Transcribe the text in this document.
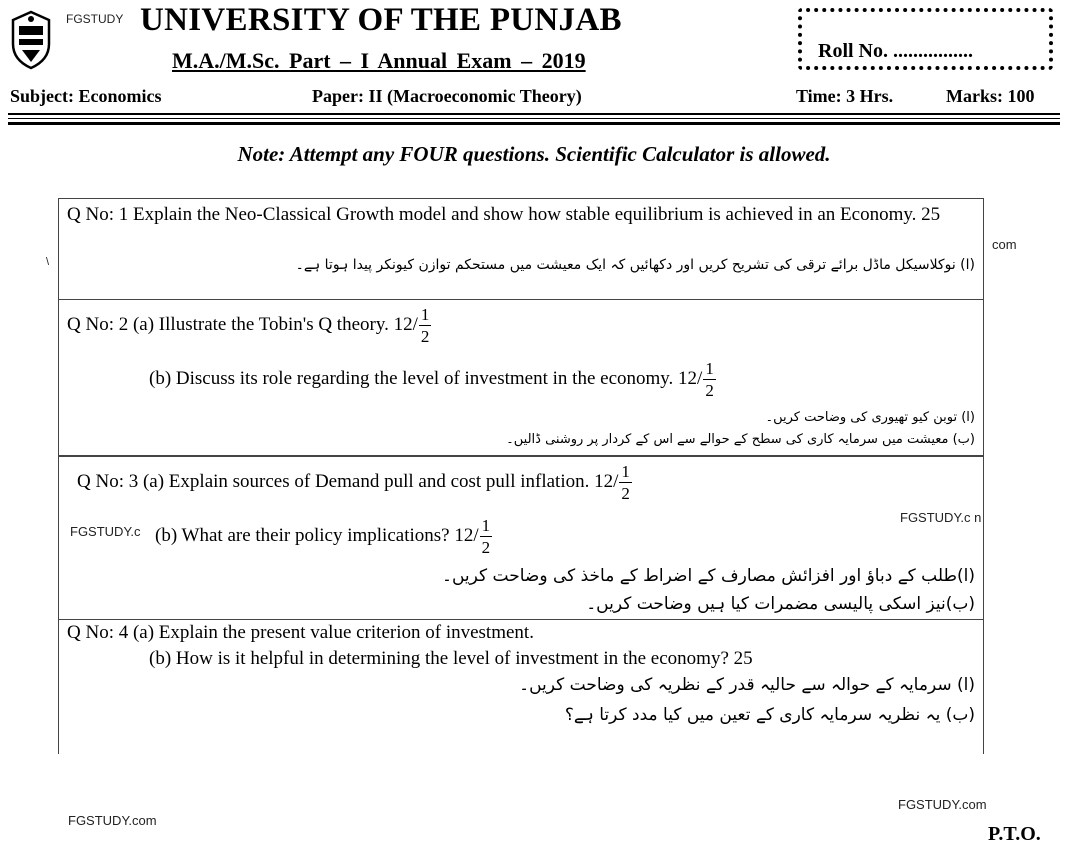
FGSTUDY UNIVERSITY OF THE PUNJAB
M.A./M.Sc. Part – I Annual Exam – 2019	Roll No. ................
Subject: Economics	Paper: II (Macroeconomic Theory)	Time: 3 Hrs.	Marks: 100
Note: Attempt any FOUR questions. Scientific Calculator is allowed.
Q No: 1 Explain the Neo-Classical Growth model and show how stable equilibrium is achieved in an Economy. 25
(ا) نوکلاسیکل ماڈل برائے ترقی کی تشریح کریں اور دکھائیں کہ ایک معیشت میں مستحکم توازن کیونکر پیدا ہوتا ہے۔
com
\
Q No: 2 (a) Illustrate the Tobin's Q theory. $12/ \frac{1}{2}$
(b) Discuss its role regarding the level of investment in the economy. $12/ \frac{1}{2}$
(ا) توبن کیو تھیوری کی وضاحت کریں۔
(ب) معیشت میں سرمایہ کاری کی سطح کے حوالے سے اس کے کردار پر روشنی ڈالیں۔
Q No: 3 (a) Explain sources of Demand pull and cost pull inflation. $12/ \frac{1}{2}$
(b) What are their policy implications? $12/ \frac{1}{2}$
(ا)طلب کے دباؤ اور افزائش مصارف کے اضراط کے ماخذ کی وضاحت کریں۔
(ب)نیز اسکی پالیسی مضمرات کیا ہیں وضاحت کریں۔
FGSTUDY.c
FGSTUDY.c n
Q No: 4 (a) Explain the present value criterion of investment.
(b) How is it helpful in determining the level of investment in the economy? 25
(ا) سرمایہ کے حوالہ سے حالیہ قدر کے نظریہ کی وضاحت کریں۔
(ب) یہ نظریہ سرمایہ کاری کے تعین میں کیا مدد کرتا ہے؟
FGSTUDY.com
FGSTUDY.com
P.T.O.
